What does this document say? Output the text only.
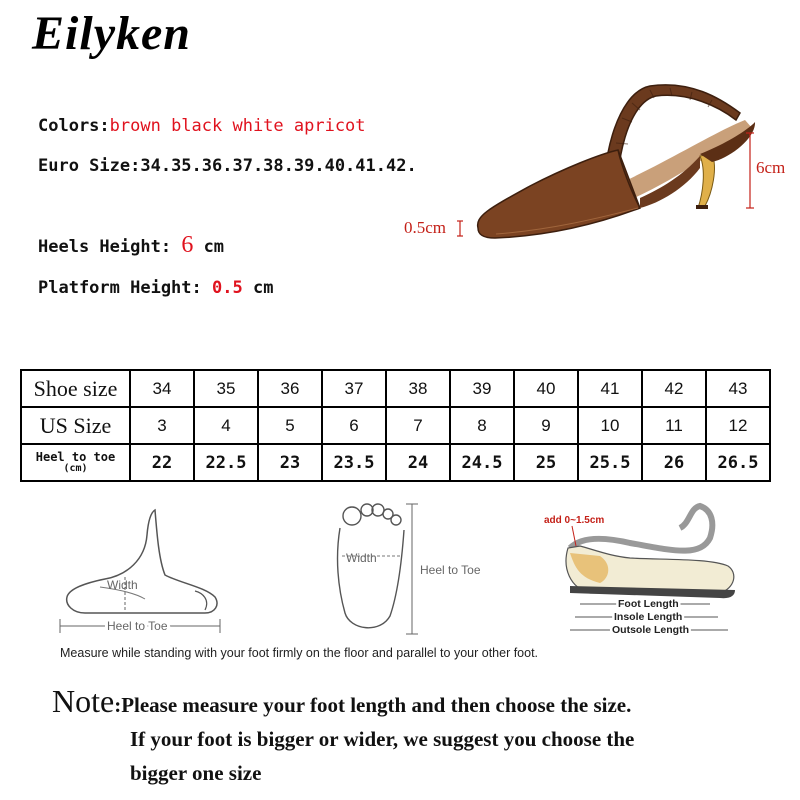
Eilyken
Colors:brown black white apricot
Euro Size:34.35.36.37.38.39.40.41.42.
Heels Height: 6 cm
Platform Height: 0.5 cm
6cm
0.5cm
Shoe size	34	35	36	37	38	39	40	41	42	43
US Size	3	4	5	6	7	8	9	10	11	12

Heel to toe
(cm)	22	22.5	23	23.5	24	24.5	25	25.5	26	26.5
Width
Heel to Toe
Width
Heel to Toe
add 0~1.5cm
Foot Length
Insole Length
Outsole Length
Measure while standing with your foot firmly on the floor and parallel to your other foot.
Note:Please measure your foot length and then choose the size.
If your foot is bigger or wider, we suggest you choose the
bigger one size
